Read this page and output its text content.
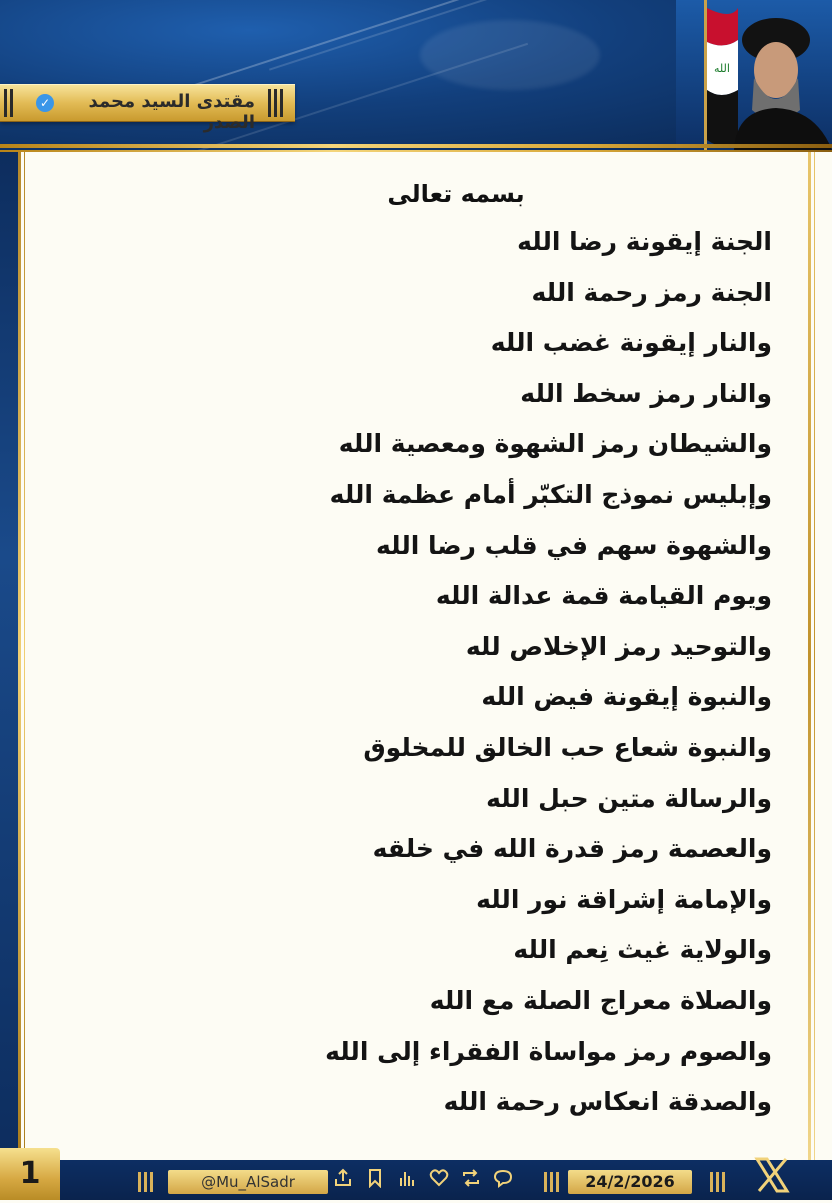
الله
✓	مقتدى السيد محمد الصدر
بسمه تعالى
الجنة إيقونة رضا الله
الجنة رمز رحمة الله
والنار إيقونة غضب الله
والنار رمز سخط الله
والشيطان رمز الشهوة ومعصية الله
وإبليس نموذج التكبّر أمام عظمة الله
والشهوة سهم في قلب رضا الله
ويوم القيامة قمة عدالة الله
والتوحيد رمز الإخلاص لله
والنبوة إيقونة فيض الله
والنبوة شعاع حب الخالق للمخلوق
والرسالة متين حبل الله
والعصمة رمز قدرة الله في خلقه
والإمامة إشراقة نور الله
والولاية غيث نِعم الله
والصلاة معراج الصلة مع الله
والصوم رمز مواساة الفقراء إلى الله
والصدقة انعكاس رحمة الله
1	@Mu_AlSadr	24/2/2026
